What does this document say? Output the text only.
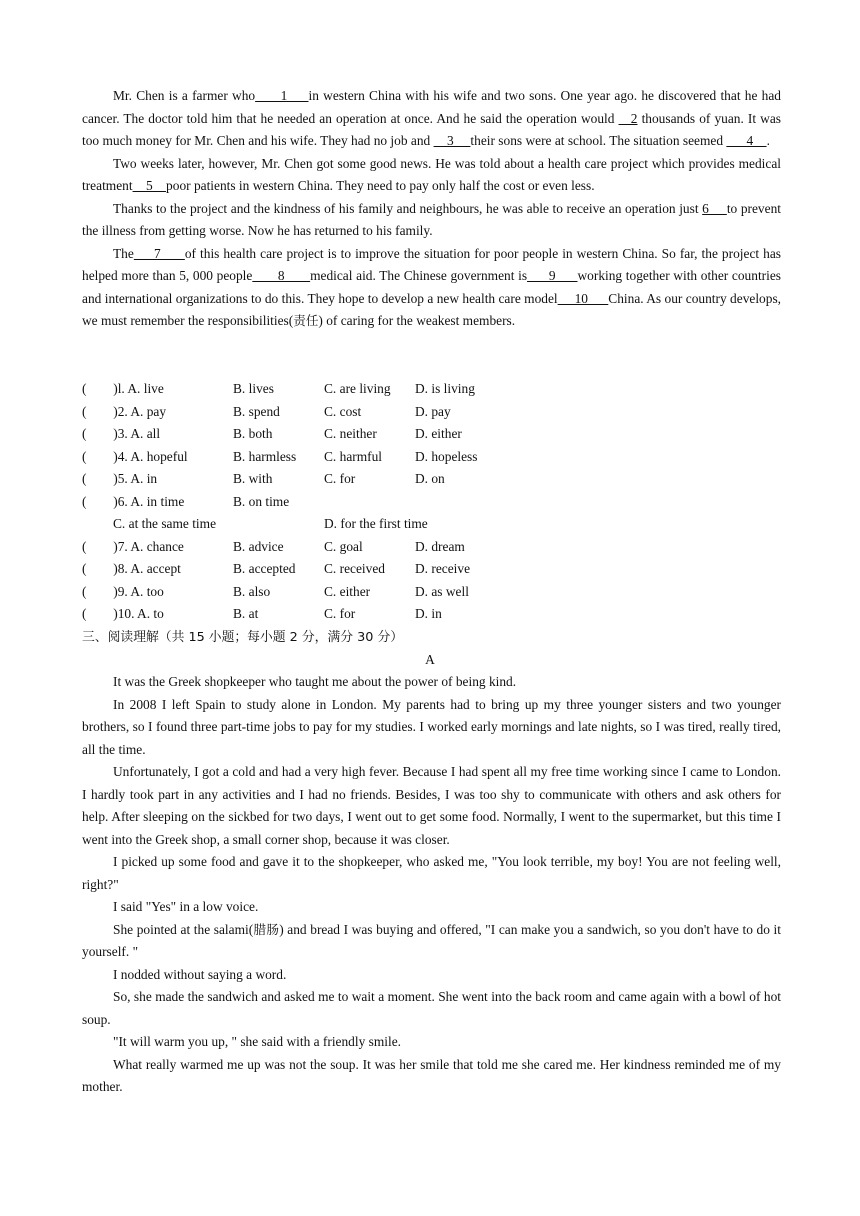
Mr. Chen is a farmer who      1     in western China with his wife and two sons. One year ago. he discovered that he had cancer. The doctor told him that he needed an operation at once. And he said the operation would    2 thousands of yuan. It was too much money for Mr. Chen and his wife. They had no job and     3     their sons were at school. The situation seemed       4    .

Two weeks later, however, Mr. Chen got some good news. He was told about a health care project which provides medical treatment    5    poor patients in western China. They need to pay only half the cost or even less.

Thanks to the project and the kindness of his family and neighbours, he was able to receive an operation just 6     to prevent the illness from getting worse. Now he has returned to his family.

The     7      of this health care project is to improve the situation for poor people in western China. So far, the project has helped more than 5, 000 people       8       medical aid. The Chinese government is      9      working together with other countries and international organizations to do this. They hope to develop a new health care model     10      China. As our country develops, we must remember the responsibilities(责任) of caring for the weakest members.

(        )l. A. live	B. lives	C. are living D. is living
(        )2. A. pay	B. spend	C. cost	D. pay
(        )3. A. all	B. both	C. neither	D. either
(        )4. A. hopeful	B. harmless C. harmful D. hopeless
(        )5. A. in	B. with	C. for	D. on
(        )6. A. in time	B. on time
C. at the same time	D. for the first time
(        )7. A. chance	B. advice	C. goal	D. dream
(        )8. A. accept	B. accepted C. received D. receive
(        )9. A. too	B. also	C. either	D. as well
(        )10. A. to	B. at	C. for	D. in
三、阅读理解（共 15 小题；每小题 2 分，满分 30 分）
A

It was the Greek shopkeeper who taught me about the power of being kind.

In 2008 I left Spain to study alone in London. My parents had to bring up my three younger sisters and two younger brothers, so I found three part-time jobs to pay for my studies. I worked early mornings and late nights, so I was tired, really tired, all the time.

Unfortunately, I got a cold and had a very high fever. Because I had spent all my free time working since I came to London. I hardly took part in any activities and I had no friends. Besides, I was too shy to communicate with others and ask others for help. After sleeping on the sickbed for two days, I went out to get some food. Normally, I went to the supermarket, but this time I went into the Greek shop, a small corner shop, because it was closer.

I picked up some food and gave it to the shopkeeper, who asked me, "You look terrible, my boy! You are not feeling well, right?"

I said "Yes" in a low voice.

She pointed at the salami(腊肠) and bread I was buying and offered, "I can make you a sandwich, so you don't have to do it yourself. "

I nodded without saying a word.

So, she made the sandwich and asked me to wait a moment. She went into the back room and came again with a bowl of hot soup.

"It will warm you up, " she said with a friendly smile.

What really warmed me up was not the soup. It was her smile that told me she cared me. Her kindness reminded me of my mother.
